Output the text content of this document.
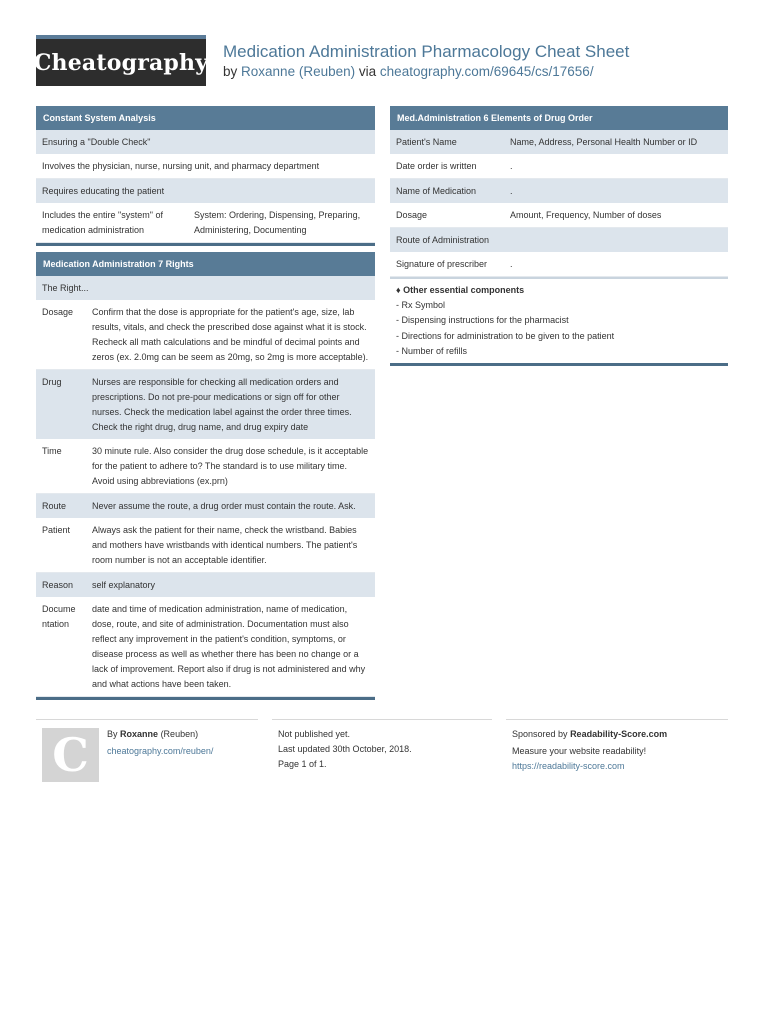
Cheatography Medication Administration Pharmacology Cheat Sheet
by Roxanne (Reuben) via cheatography.com/69645/cs/17656/
Constant System Analysis
Ensuring a "Double Check"
Involves the physician, nurse, nursing unit, and pharmacy department
Requires educating the patient
Includes the entire "system" of medication administration	System: Ordering, Dispensing, Preparing, Administering, Documenting
Medication Administration 7 Rights
The Right...	
Dosage	Confirm that the dose is appropriate for the patient's age, size, lab results, vitals, and check the prescribed dose against what it is stock. Recheck all math calculations and be mindful of decimal points and zeros (ex. 2.0mg can be seem as 20mg, so 2mg is more acceptable).
Drug	Nurses are responsible for checking all medication orders and prescriptions. Do not pre-pour medications or sign off for other nurses. Check the medication label against the order three times. Check the right drug, drug name, and drug expiry date
Time	30 minute rule. Also consider the drug dose schedule, is it acceptable for the patient to adhere to? The standard is to use military time. Avoid using abbreviations (ex.prn)
Route	Never assume the route, a drug order must contain the route. Ask.
Patient	Always ask the patient for their name, check the wristband. Babies and mothers have wristbands with identical numbers. The patient's room number is not an acceptable identifier.
Reason	self explanatory
Documentation	date and time of medication administration, name of medication, dose, route, and site of administration. Documentation must also reflect any improvement in the patient's condition, symptoms, or disease process as well as whether there has been no change or a lack of improvement. Report also if drug is not administered and why and what actions have been taken.
Med.Administration 6 Elements of Drug Order
Patient's Name	Name, Address, Personal Health Number or ID
Date order is written	.
Name of Medication	.
Dosage	Amount, Frequency, Number of doses
Route of Administration	
Signature of prescriber	.
♦ Other essential components
- Rx Symbol
- Dispensing instructions for the pharmacist
- Directions for administration to be given to the patient
- Number of refills
C By Roxanne (Reuben)
cheatography.com/reuben/
Not published yet.
Last updated 30th October, 2018.
Page 1 of 1.
Sponsored by Readability-Score.com
Measure your website readability!
https://readability-score.com
